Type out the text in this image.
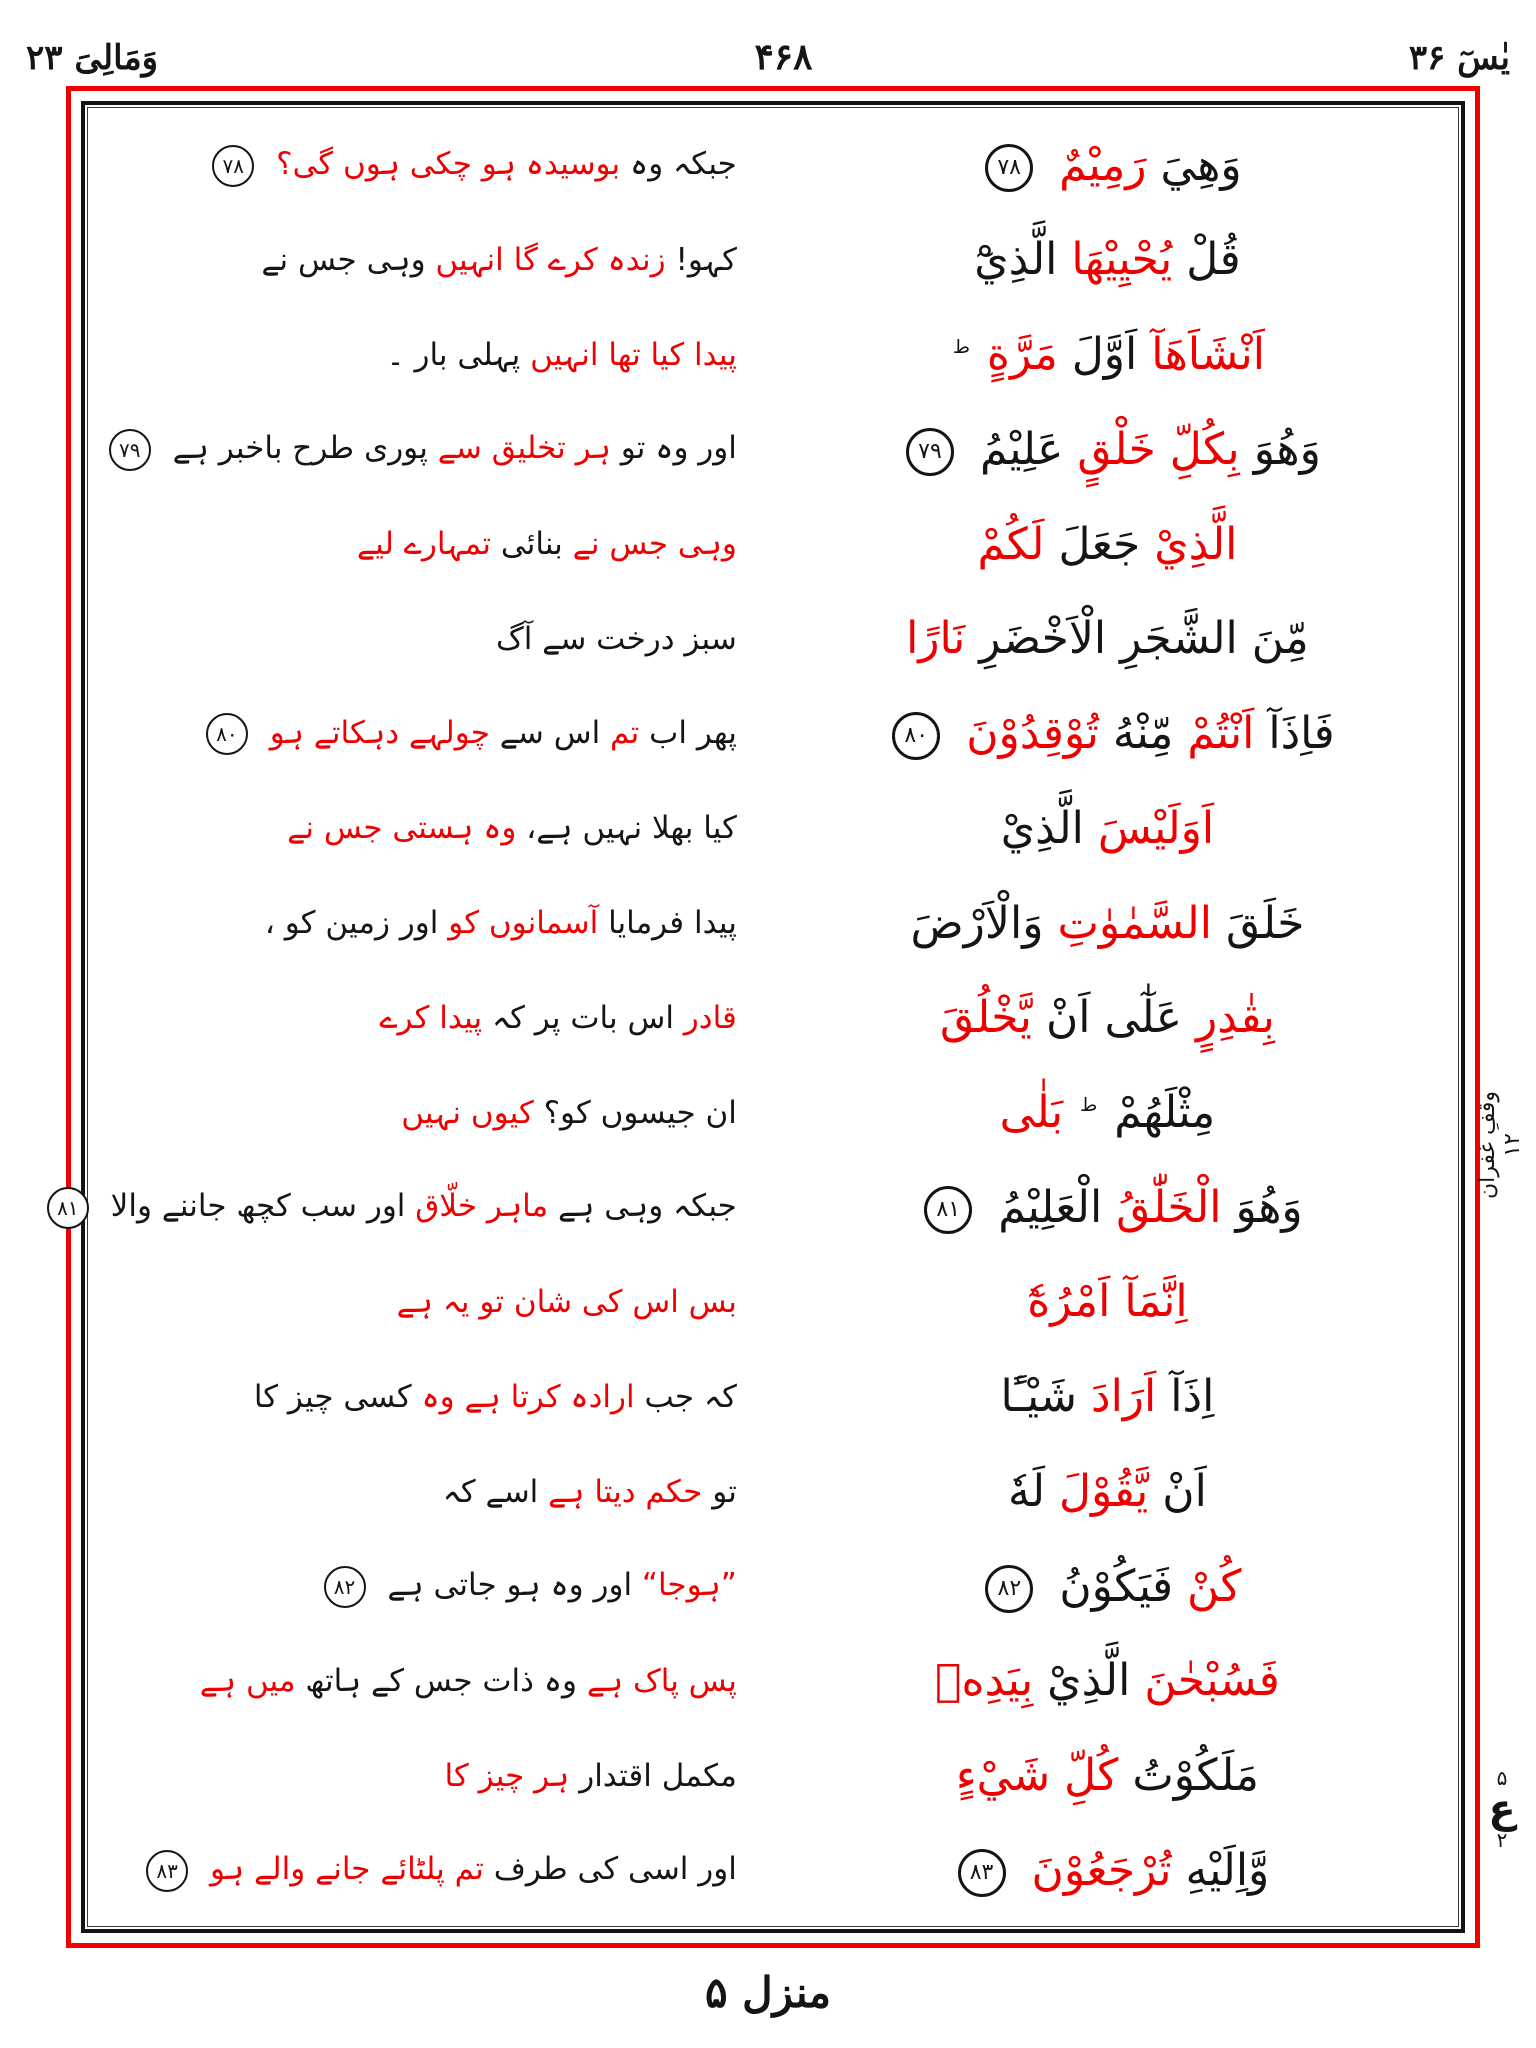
وَمَالِیَ ۲۳	۴۶۸	یٰسٓ ۳۶
وَهِيَ رَمِيْمٌ ۷۸
جبکہ وہ بوسیدہ ہو چکی ہوں گی؟ ۷۸
قُلْ يُحْيِيْهَا الَّذِيْٓ
کہو! زندہ کرے گا انہیں وہی جس نے
اَنْشَاَهَآ اَوَّلَ مَرَّةٍ $^ط$
پیدا کیا تھا انہیں پہلی بار ۔
وَهُوَ بِكُلِّ خَلْقٍ عَلِيْمُ ۷۹
اور وہ تو ہر تخلیق سے پوری طرح باخبر ہے ۷۹
الَّذِيْ جَعَلَ لَكُمْ
وہی جس نے بنائی تمہارے لیے
مِّنَ الشَّجَرِ الْاَخْضَرِ نَارًا
سبز درخت سے آگ
فَاِذَآ اَنْتُمْ مِّنْهُ تُوْقِدُوْنَ ۸۰
پھر اب تم اس سے چولہے دہکاتے ہو ۸۰
اَوَلَيْسَ الَّذِيْ
کیا بھلا نہیں ہے، وہ ہستی جس نے
خَلَقَ السَّمٰوٰتِ وَالْاَرْضَ
پیدا فرمایا آسمانوں کو اور زمین کو ،
بِقٰدِرٍ عَلٰٓى اَنْ يَّخْلُقَ
قادر اس بات پر کہ پیدا کرے
مِثْلَهُمْ $^ط$ بَلٰى
ان جیسوں کو؟ کیوں نہیں
وَهُوَ الْخَلّٰقُ الْعَلِيْمُ ۸۱
جبکہ وہی ہے ماہر خلّاق اور سب کچھ جاننے والا ۸۱
اِنَّمَآ اَمْرُهٗٓ
بس اس کی شان تو یہ ہے
اِذَآ اَرَادَ شَيْـًٔا
کہ جب ارادہ کرتا ہے وہ کسی چیز کا
اَنْ يَّقُوْلَ لَهٗ
تو حکم دیتا ہے اسے کہ
كُنْ فَيَكُوْنُ ۸۲
”ہوجا“ اور وہ ہو جاتی ہے ۸۲
فَسُبْحٰنَ الَّذِيْ بِيَدِهٖ
پس پاک ہے وہ ذات جس کے ہاتھ میں ہے
مَلَكُوْتُ كُلِّ شَيْءٍ
مکمل اقتدار ہر چیز کا
وَّاِلَيْهِ تُرْجَعُوْنَ ۸۳
اور اسی کی طرف تم پلٹائے جانے والے ہو ۸۳
وقفِ غفران ۱۲
۵
ع
۲
منزل ۵
